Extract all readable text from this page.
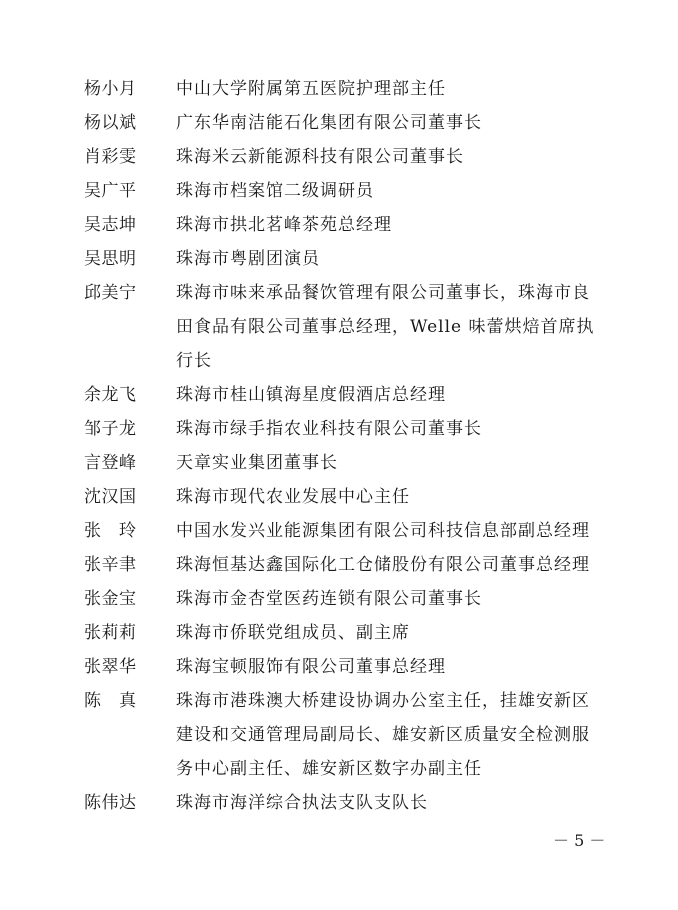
杨小月	中山大学附属第五医院护理部主任

杨以斌	广东华南洁能石化集团有限公司董事长

肖彩雯	珠海米云新能源科技有限公司董事长

吴广平	珠海市档案馆二级调研员

吴志坤	珠海市拱北茗峰茶苑总经理

吴思明	珠海市粤剧团演员

邱美宁	珠海市味来承品餐饮管理有限公司董事长，珠海市良
田食品有限公司董事总经理，Welle 味蕾烘焙首席执
行长

余龙飞	珠海市桂山镇海星度假酒店总经理

邹子龙	珠海市绿手指农业科技有限公司董事长

言登峰	天章实业集团董事长

沈汉国	珠海市现代农业发展中心主任

张　玲	中国水发兴业能源集团有限公司科技信息部副总经理

张辛聿	珠海恒基达鑫国际化工仓储股份有限公司董事总经理

张金宝	珠海市金杏堂医药连锁有限公司董事长

张莉莉	珠海市侨联党组成员、副主席

张翠华	珠海宝顿服饰有限公司董事总经理

陈　真	珠海市港珠澳大桥建设协调办公室主任，挂雄安新区
建设和交通管理局副局长、雄安新区质量安全检测服
务中心副主任、雄安新区数字办副主任

陈伟达	珠海市海洋综合执法支队支队长

－ 5 －
